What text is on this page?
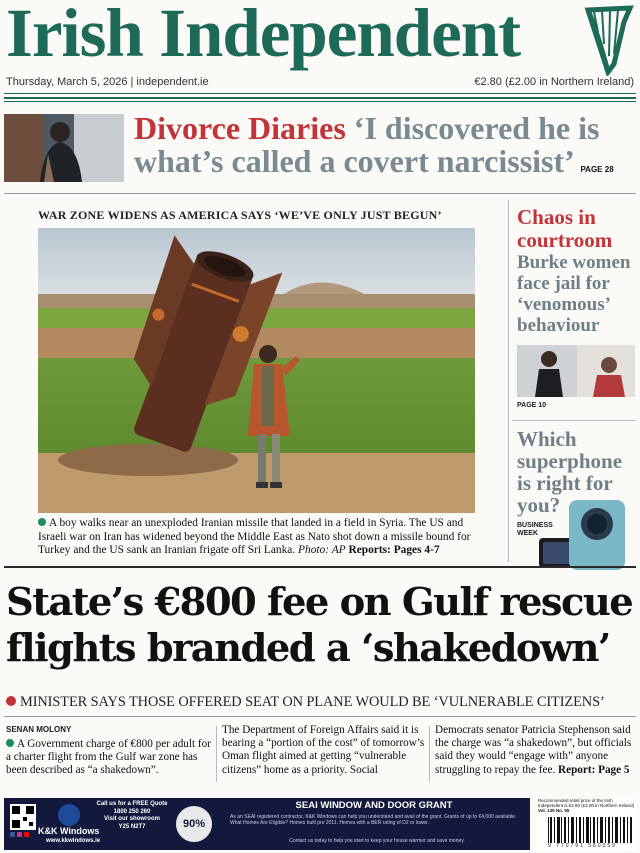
Irish Independent
Thursday, March 5, 2026 | independent.ie	€2.80 (£2.00 in Northern Ireland)
Divorce Diaries ‘I discovered he is what’s called a covert narcissist’ PAGE 28
WAR ZONE WIDENS AS AMERICA SAYS ‘WE’VE ONLY JUST BEGUN’
A boy walks near an unexploded Iranian missile that landed in a field in Syria. The US and Israeli war on Iran has widened beyond the Middle East as Nato shot down a missile bound for Turkey and the US sank an Iranian frigate off Sri Lanka. Photo: AP Reports: Pages 4-7
Chaos in courtroom
Burke women face jail for ‘venomous’ behaviour
PAGE 10
Which superphone is right for you?
BUSINESS WEEK
State’s €800 fee on Gulf rescue flights branded a ‘shakedown’
MINISTER SAYS THOSE OFFERED SEAT ON PLANE WOULD BE ‘VULNERABLE CITIZENS’
SENAN MOLONY
A Government charge of €800 per adult for a charter flight from the Gulf war zone has been described as “a shakedown”.
The Department of Foreign Affairs said it is bearing a “portion of the cost” of tomorrow’s Oman flight aimed at getting “vulnerable citizens” home as a priority. Social
Democrats senator Patricia Stephenson said the charge was “a shakedown”, but officials said they would “engage with” anyone struggling to repay the fee. Report: Page 5
K&K Windows
www.kkwindows.ie
Call us for a FREE Quote
1800 250 260
Visit our showroom
Y25 N2T7	90%
SEAI WINDOW AND DOOR GRANT
As an SEAI registered contractor, K&K Windows can help you understand and avail of the grant. Grants of up to €4,000 available. What Homes Are Eligible? Homes built pre 2011. Homes with a BER rating of D2 or lower.
Contact us today to help you start to keep your house warmer and save money.
Recommended retail price of the Irish Independent is €2.80 (£2.00 in Northern Ireland)
Vol. 135 No. 55
9 770791 580059
